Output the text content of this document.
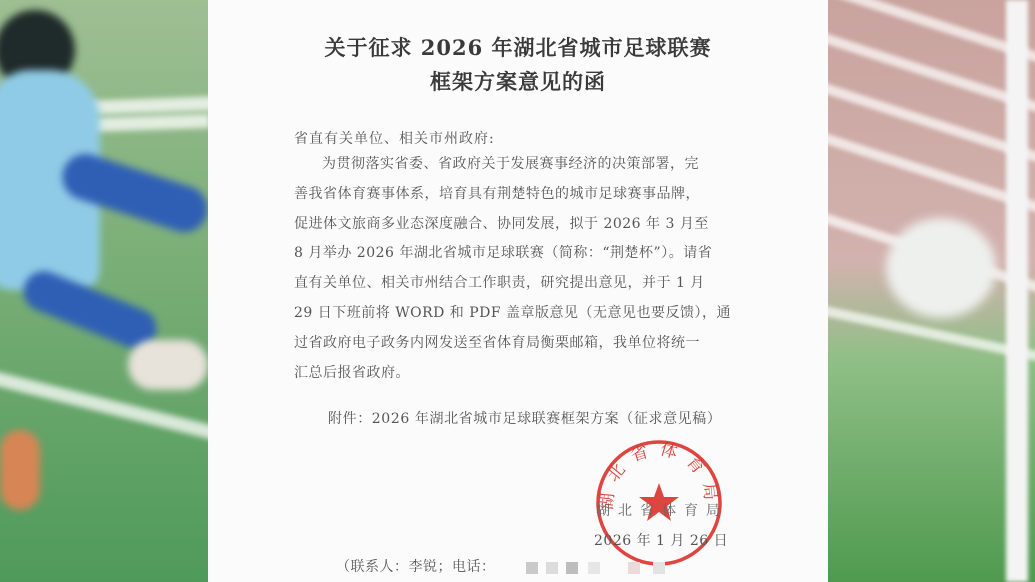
关于征求 2026 年湖北省城市足球联赛
框架方案意见的函
省直有关单位、相关市州政府:
为贯彻落实省委、省政府关于发展赛事经济的决策部署，完
善我省体育赛事体系，培育具有荆楚特色的城市足球赛事品牌，
促进体文旅商多业态深度融合、协同发展，拟于 2026 年 3 月至
8 月举办 2026 年湖北省城市足球联赛（简称：“荆楚杯”）。请省
直有关单位、相关市州结合工作职责，研究提出意见，并于 1 月
29 日下班前将 WORD 和 PDF 盖章版意见（无意见也要反馈），通
过省政府电子政务内网发送至省体育局衡栗邮箱，我单位将统一
汇总后报省政府。
附件：2026 年湖北省城市足球联赛框架方案（征求意见稿）
湖北省体育局
湖北省体育局
2026 年 1 月 26 日
（联系人：李锐；电话：
